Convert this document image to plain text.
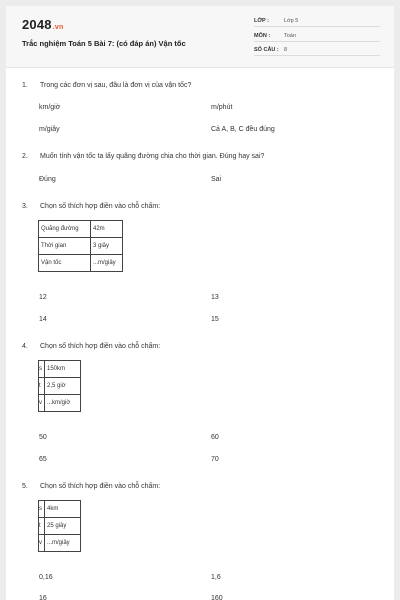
2048.vn
Trắc nghiệm Toán 5 Bài 7: (có đáp án) Vận tốc
LỚP :	Lớp 5
MÔN :	Toán
SỐ CÂU : 8
1. Trong các đơn vị sau, đâu là đơn vị của vận tốc?
km/giờ	m/phút
m/giây	Cả A, B, C đều đúng
2. Muốn tính vận tốc ta lấy quãng đường chia cho thời gian. Đúng hay sai?
Đúng	Sai
3. Chọn số thích hợp điền vào chỗ chấm:
Quãng đường	42m
Thời gian	3 giây
Vận tốc	...m/giây
12	13
14	15
4. Chọn số thích hợp điền vào chỗ chấm:
s	150km
t	2,5 giờ
v	...km/giờ
50	60
65	70
5. Chọn số thích hợp điền vào chỗ chấm:
s	4km
t	25 giây
v	...m/giây
0,16	1,6
16	160
